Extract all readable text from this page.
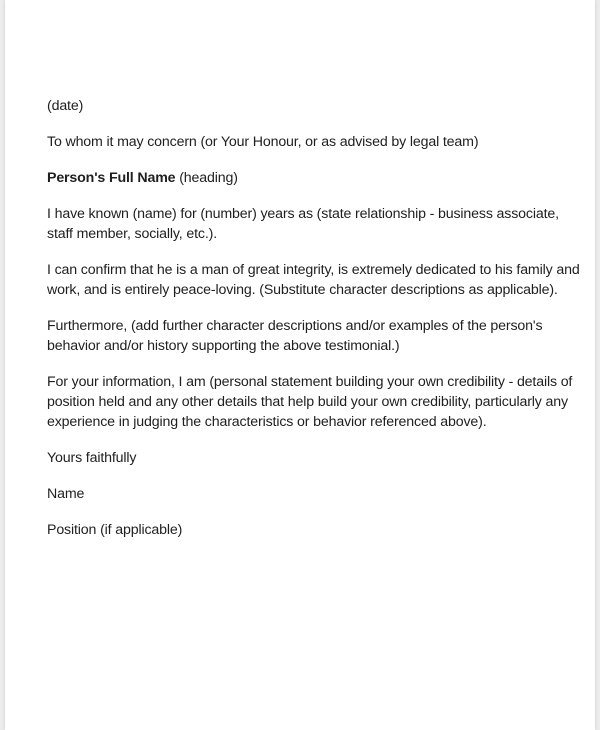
(date)

To whom it may concern (or Your Honour, or as advised by legal team)

Person's Full Name (heading)

I have known (name) for (number) years as (state relationship - business associate, staff member, socially, etc.).

I can confirm that he is a man of great integrity, is extremely dedicated to his family and work, and is entirely peace-loving. (Substitute character descriptions as applicable).

Furthermore, (add further character descriptions and/or examples of the person's behavior and/or history supporting the above testimonial.)

For your information, I am (personal statement building your own credibility - details of position held and any other details that help build your own credibility, particularly any experience in judging the characteristics or behavior referenced above).

Yours faithfully

Name

Position (if applicable)
